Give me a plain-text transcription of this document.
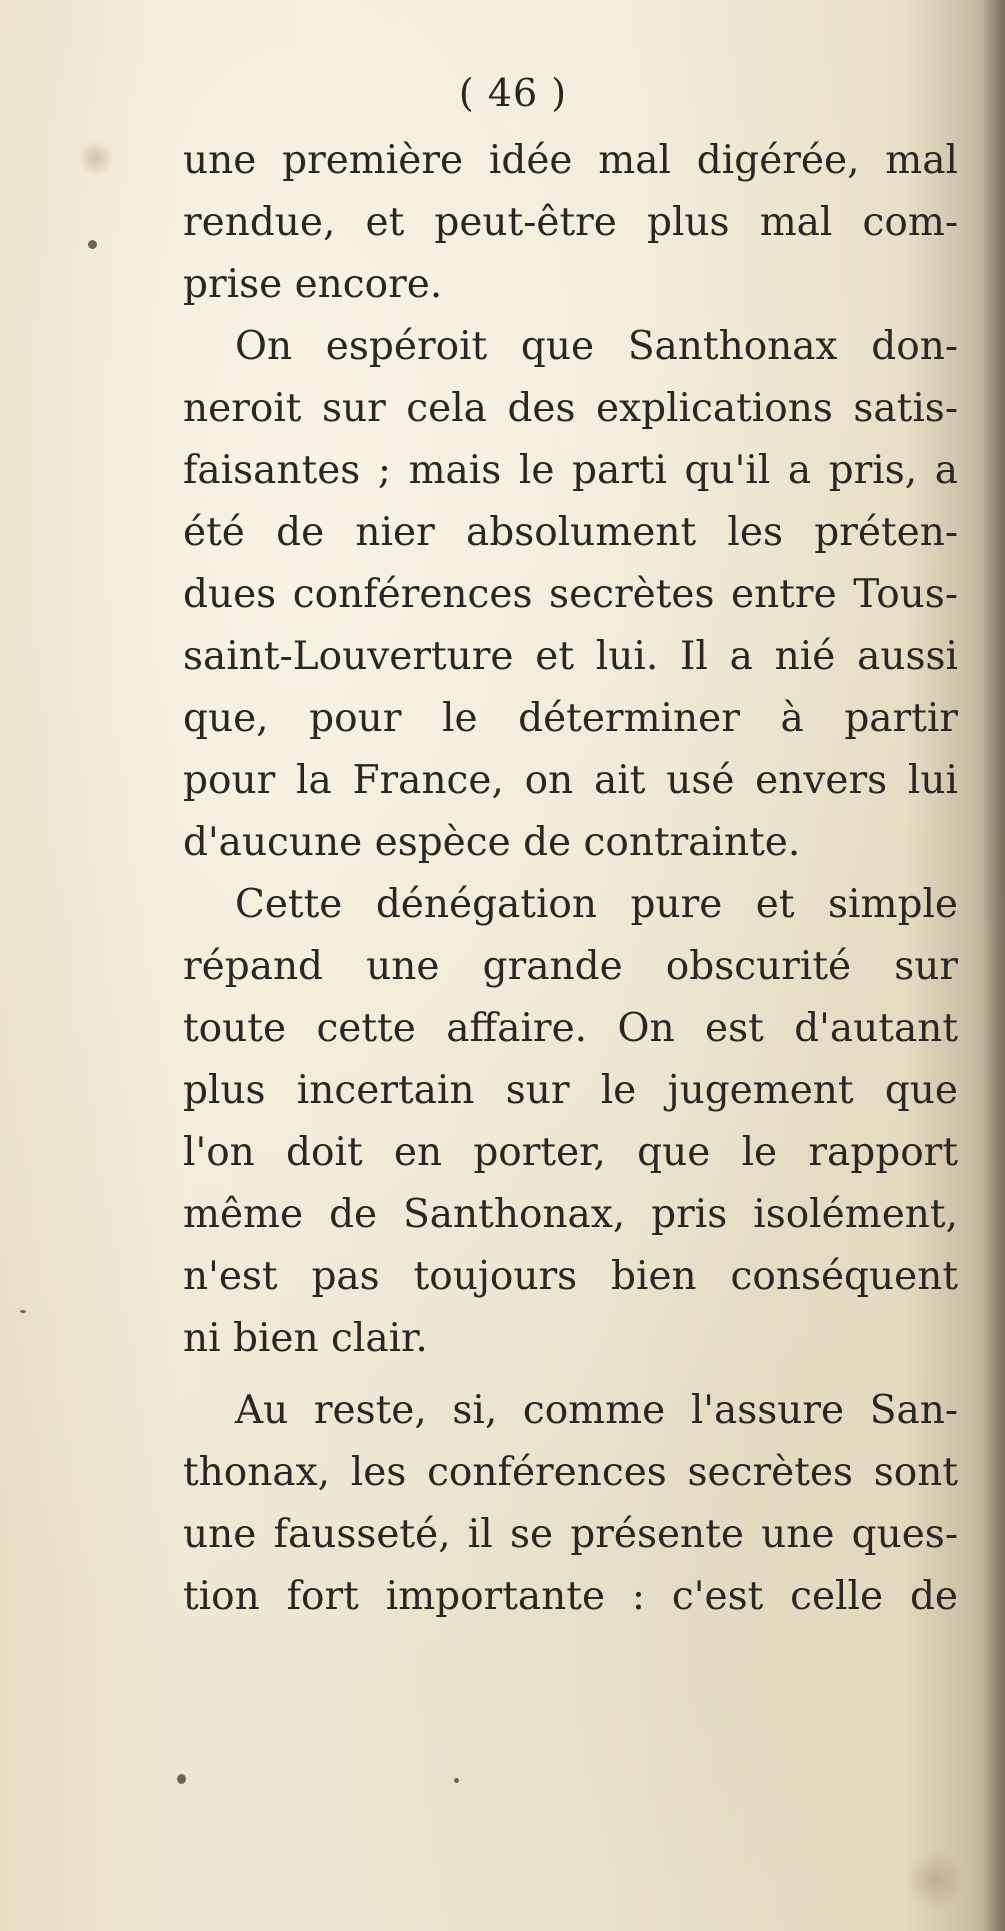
( 46 )
une première idée mal digérée, mal
rendue, et peut-être plus mal com-
prise encore.
On espéroit que Santhonax don-
neroit sur cela des explications satis-
faisantes ; mais le parti qu'il a pris, a
été de nier absolument les préten-
dues conférences secrètes entre Tous-
saint-Louverture et lui. Il a nié aussi
que, pour le déterminer à partir
pour la France, on ait usé envers lui
d'aucune espèce de contrainte.
Cette dénégation pure et simple
répand une grande obscurité sur
toute cette affaire. On est d'autant
plus incertain sur le jugement que
l'on doit en porter, que le rapport
même de Santhonax, pris isolément,
n'est pas toujours bien conséquent
ni bien clair.
Au reste, si, comme l'assure San-
thonax, les conférences secrètes sont
une fausseté, il se présente une ques-
tion fort importante : c'est celle de
